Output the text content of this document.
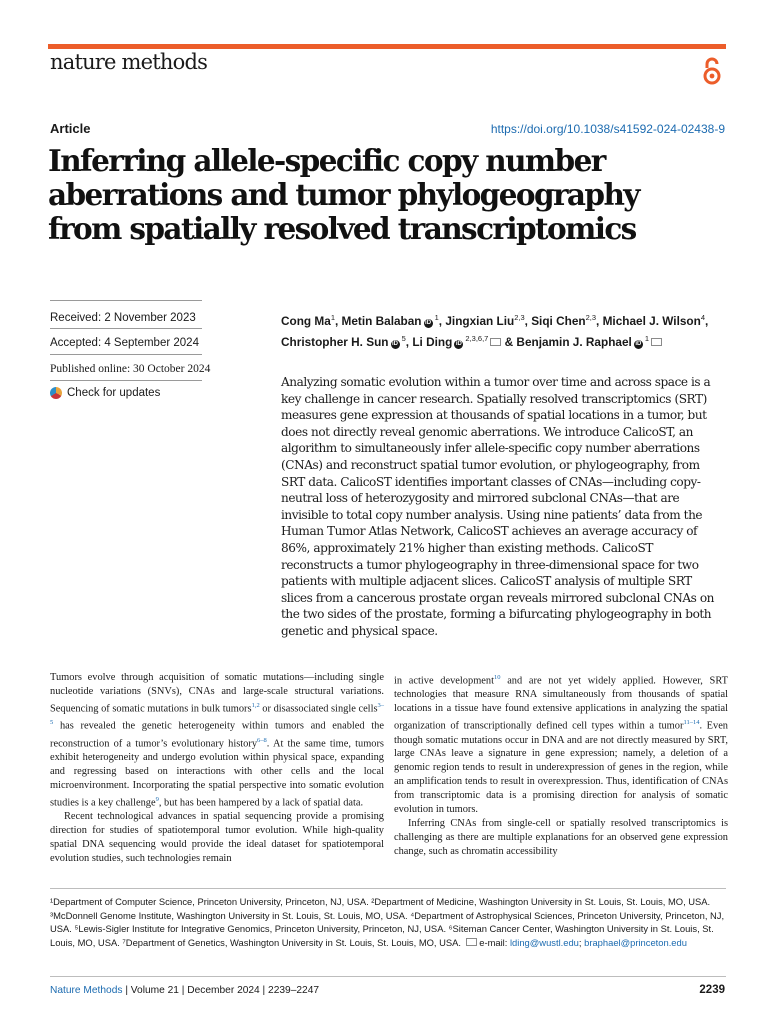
nature methods
Article	https://doi.org/10.1038/s41592-024-02438-9
Inferring allele-specific copy number
aberrations and tumor phylogeography
from spatially resolved transcriptomics
Received: 2 November 2023
Accepted: 4 September 2024
Published online: 30 October 2024
Check for updates
Cong Ma$^1$, Metin Balaban iD $^1$, Jingxian Liu$^{2,3}$, Siqi Chen$^{2,3}$, Michael J. Wilson$^4$, Christopher H. Sun iD $^5$, Li Ding iD $^{2,3,6,7}$ & Benjamin J. Raphael iD $^1$
Analyzing somatic evolution within a tumor over time and across space is a key challenge in cancer research. Spatially resolved transcriptomics (SRT) measures gene expression at thousands of spatial locations in a tumor, but does not directly reveal genomic aberrations. We introduce CalicoST, an algorithm to simultaneously infer allele-specific copy number aberrations (CNAs) and reconstruct spatial tumor evolution, or phylogeography, from SRT data. CalicoST identifies important classes of CNAs—including copy-neutral loss of heterozygosity and mirrored subclonal CNAs—that are invisible to total copy number analysis. Using nine patients’ data from the Human Tumor Atlas Network, CalicoST achieves an average accuracy of 86%, approximately 21% higher than existing methods. CalicoST reconstructs a tumor phylogeography in three-dimensional space for two patients with multiple adjacent slices. CalicoST analysis of multiple SRT slices from a cancerous prostate organ reveals mirrored subclonal CNAs on the two sides of the prostate, forming a bifurcating phylogeography in both genetic and physical space.

Tumors evolve through acquisition of somatic mutations—including single nucleotide variations (SNVs), CNAs and large-scale structural variations. Sequencing of somatic mutations in bulk tumors$^{1,2}$ or disassociated single cells$^{3-5}$ has revealed the genetic heterogeneity within tumors and enabled the reconstruction of a tumor’s evolutionary history$^{6-8}$. At the same time, tumors exhibit heterogeneity and undergo evolution within physical space, expanding and regressing based on interactions with other cells and the local microenvironment. Incorporating the spatial perspective into somatic evolution studies is a key challenge$^9$, but has been hampered by a lack of spatial data.

Recent technological advances in spatial sequencing provide a promising direction for studies of spatiotemporal tumor evolution. While high-quality spatial DNA sequencing would provide the ideal dataset for spatiotemporal evolution studies, such technologies remain

in active development$^{10}$ and are not yet widely applied. However, SRT technologies that measure RNA simultaneously from thousands of spatial locations in a tissue have found extensive applications in analyzing the spatial organization of transcriptionally defined cell types within a tumor$^{11-14}$. Even though somatic mutations occur in DNA and are not directly measured by SRT, large CNAs leave a signature in gene expression; namely, a deletion of a genomic region tends to result in underexpression of genes in the region, while an amplification tends to result in overexpression. Thus, identification of CNAs from transcriptomic data is a promising direction for analysis of somatic evolution in tumors.

Inferring CNAs from single-cell or spatially resolved transcriptomics is challenging as there are multiple explanations for an observed gene expression change, such as chromatin accessibility

¹Department of Computer Science, Princeton University, Princeton, NJ, USA. ²Department of Medicine, Washington University in St. Louis, St. Louis, MO, USA. ³McDonnell Genome Institute, Washington University in St. Louis, St. Louis, MO, USA. ⁴Department of Astrophysical Sciences, Princeton University, Princeton, NJ, USA. ⁵Lewis-Sigler Institute for Integrative Genomics, Princeton University, Princeton, NJ, USA. ⁶Siteman Cancer Center, Washington University in St. Louis, St. Louis, MO, USA. ⁷Department of Genetics, Washington University in St. Louis, St. Louis, MO, USA.  e-mail: lding@wustl.edu; braphael@princeton.edu
Nature Methods | Volume 21 | December 2024 | 2239–2247	2239
